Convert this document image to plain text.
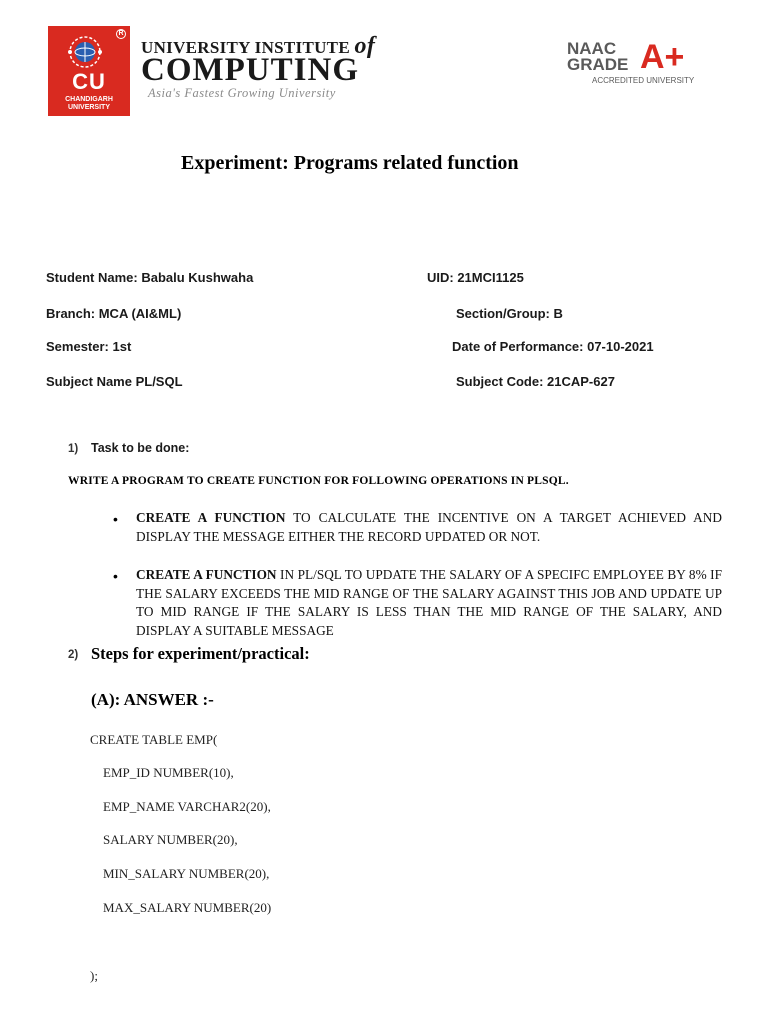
R
CU
CHANDIGARH
UNIVERSITY
UNIVERSITY INSTITUTE of
COMPUTING
Asia's Fastest Growing University
NAAC
GRADE A+
ACCREDITED UNIVERSITY
Experiment: Programs related function
Student Name: Babalu Kushwaha	UID: 21MCI1125
Branch: MCA (AI&ML)	Section/Group: B
Semester: 1st	Date of Performance: 07-10-2021
Subject Name PL/SQL	Subject Code: 21CAP-627
1) Task to be done:
WRITE A PROGRAM TO CREATE FUNCTION FOR FOLLOWING OPERATIONS IN PLSQL.
• CREATE A FUNCTION TO CALCULATE THE INCENTIVE ON A TARGET ACHIEVED AND DISPLAY THE MESSAGE EITHER THE RECORD UPDATED OR NOT.
• CREATE A FUNCTION IN PL/SQL TO UPDATE THE SALARY OF A SPECIFC EMPLOYEE BY 8% IF THE SALARY EXCEEDS THE MID RANGE OF THE SALARY AGAINST THIS JOB AND UPDATE UP TO MID RANGE IF THE SALARY IS LESS THAN THE MID RANGE OF THE SALARY, AND DISPLAY A SUITABLE MESSAGE
2) Steps for experiment/practical:
(A): ANSWER :-
CREATE TABLE EMP(
EMP_ID NUMBER(10),
EMP_NAME VARCHAR2(20),
SALARY NUMBER(20),
MIN_SALARY NUMBER(20),
MAX_SALARY NUMBER(20)
);
